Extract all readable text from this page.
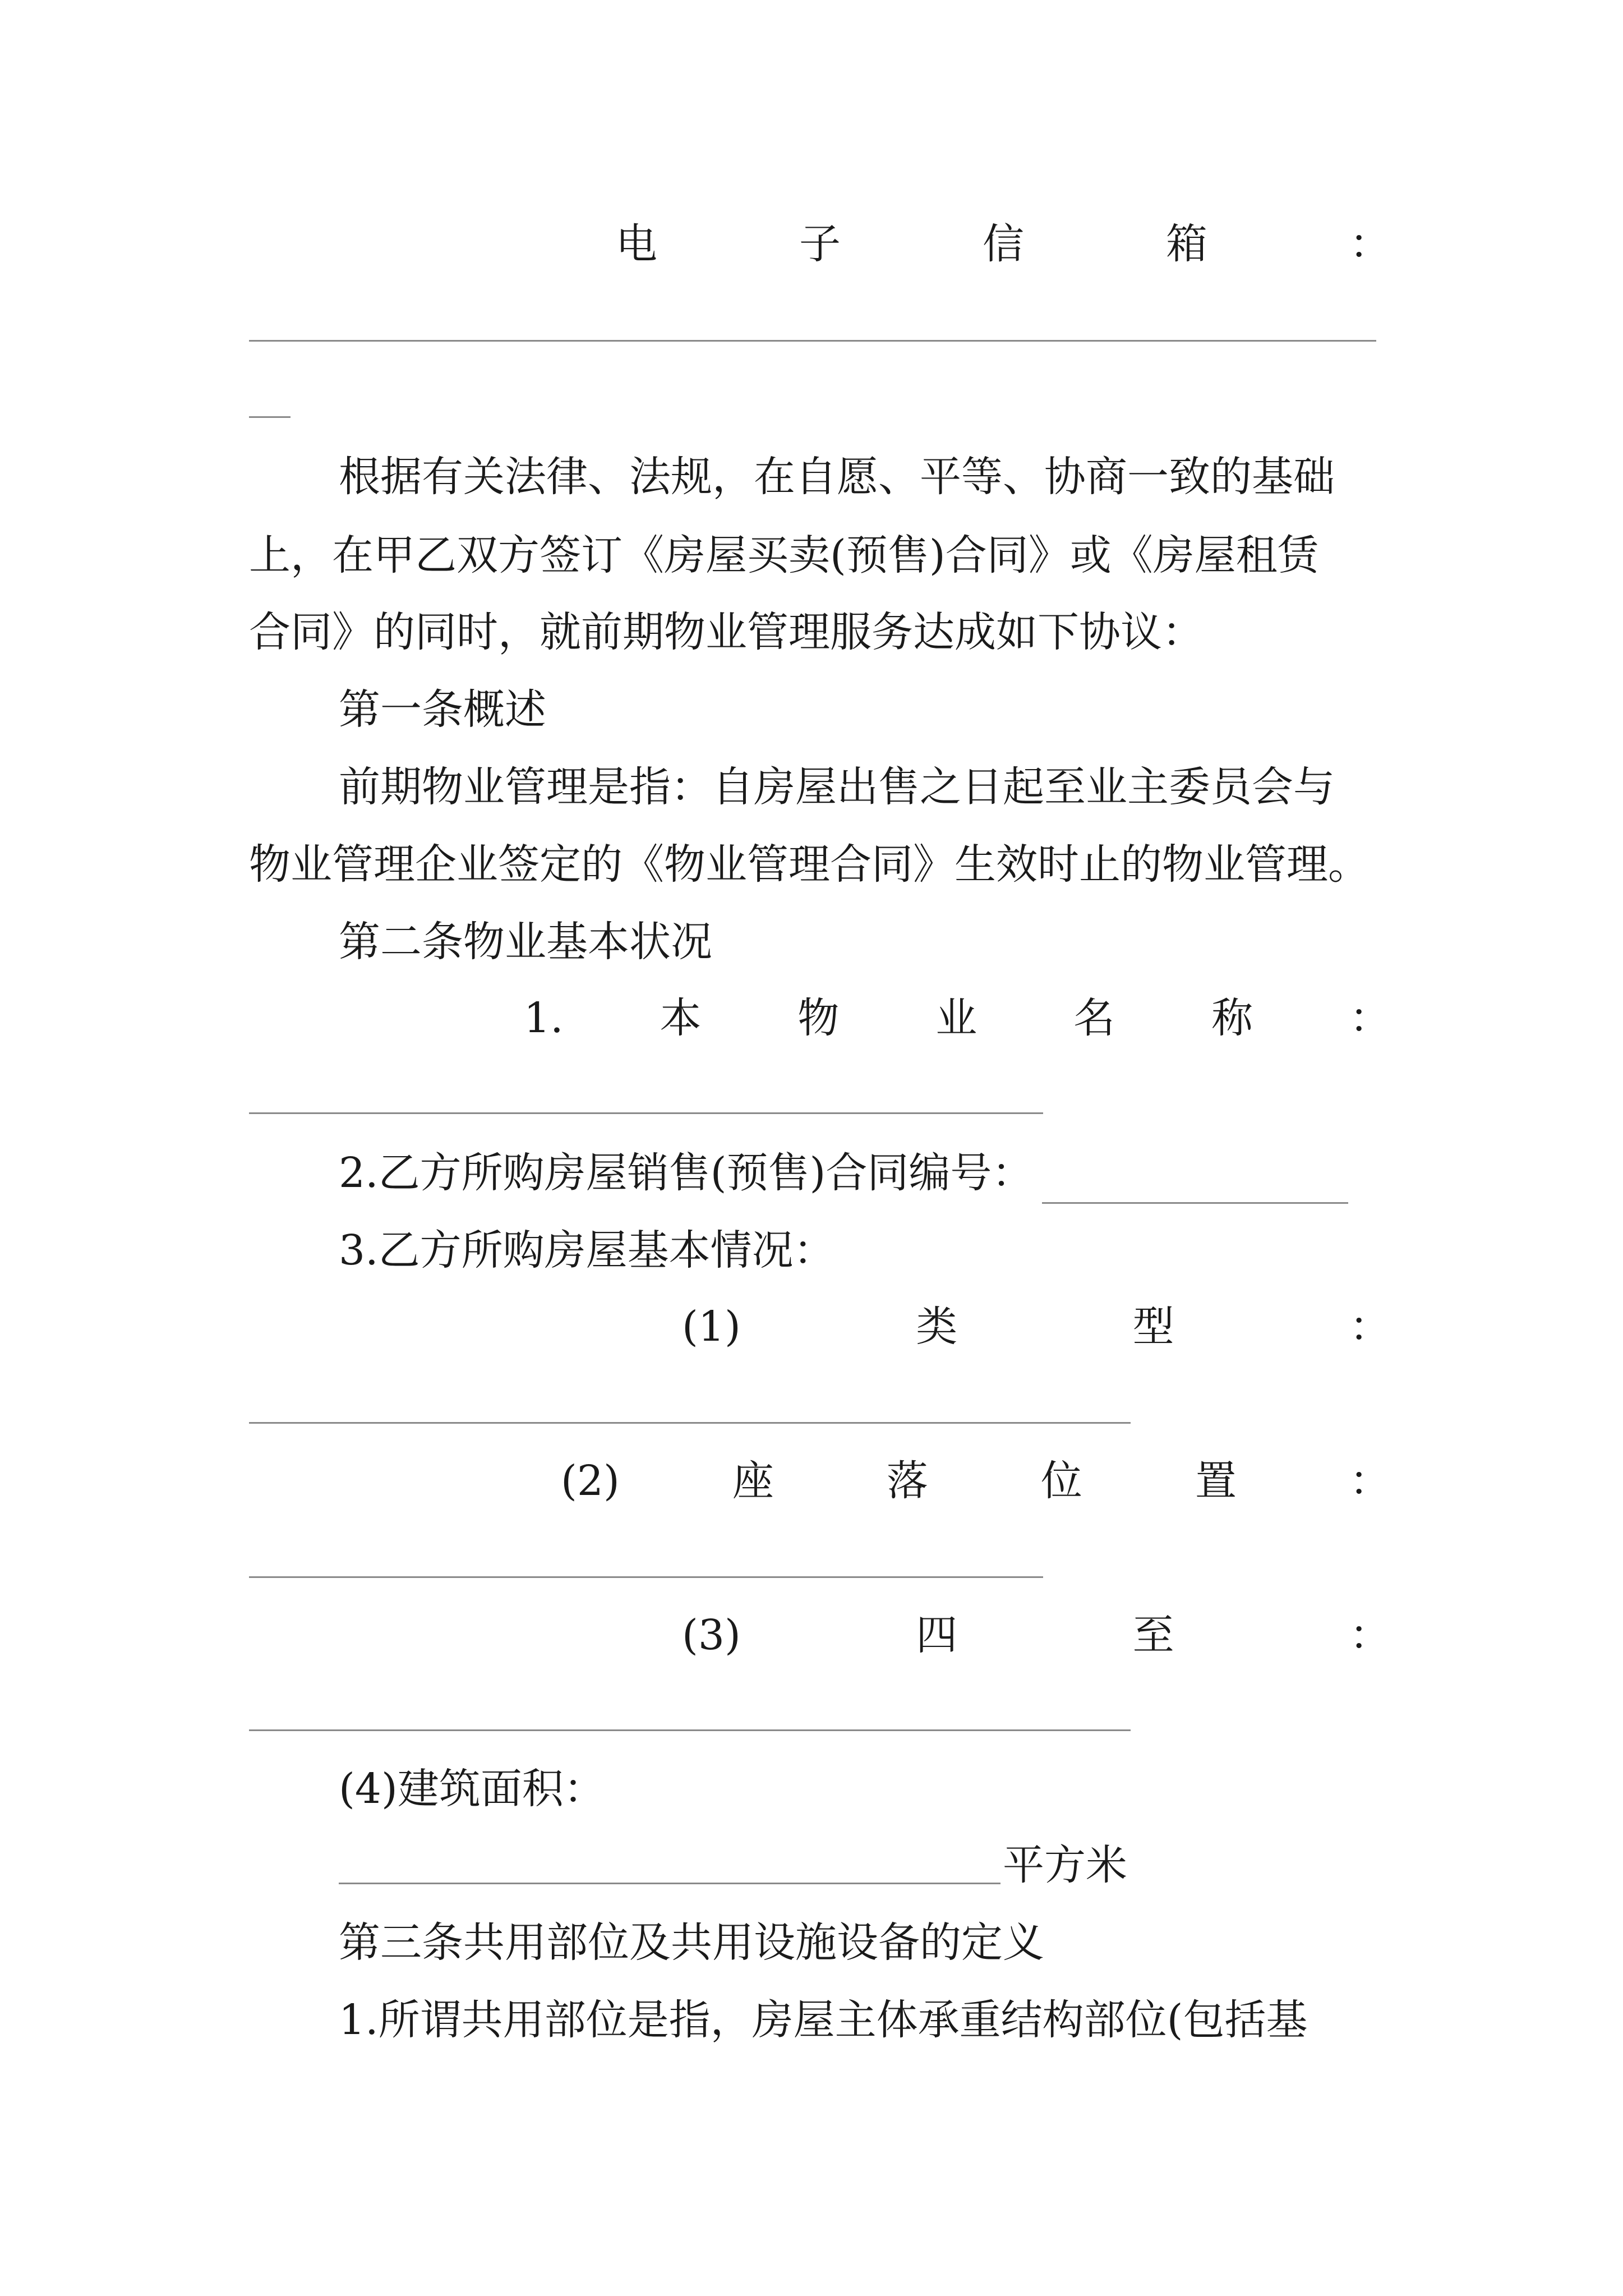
电	子	信	箱	：
根据有关法律、法规，在自愿、平等、协商一致的基础
上，在甲乙双方签订《房屋买卖(预售)合同》或《房屋租赁
合同》的同时，就前期物业管理服务达成如下协议：
第一条概述
前期物业管理是指：自房屋出售之日起至业主委员会与
物业管理企业签定的《物业管理合同》生效时止的物业管理。
第二条物业基本状况
1. 本 物 业 名 称 ：
2.乙方所购房屋销售(预售)合同编号：
3.乙方所购房屋基本情况：
(1)	类	型	：
(2)	座	落	位	置	：
(3)	四	至	：
(4)建筑面积：
平方米
第三条共用部位及共用设施设备的定义
1.所谓共用部位是指，房屋主体承重结构部位(包括基
